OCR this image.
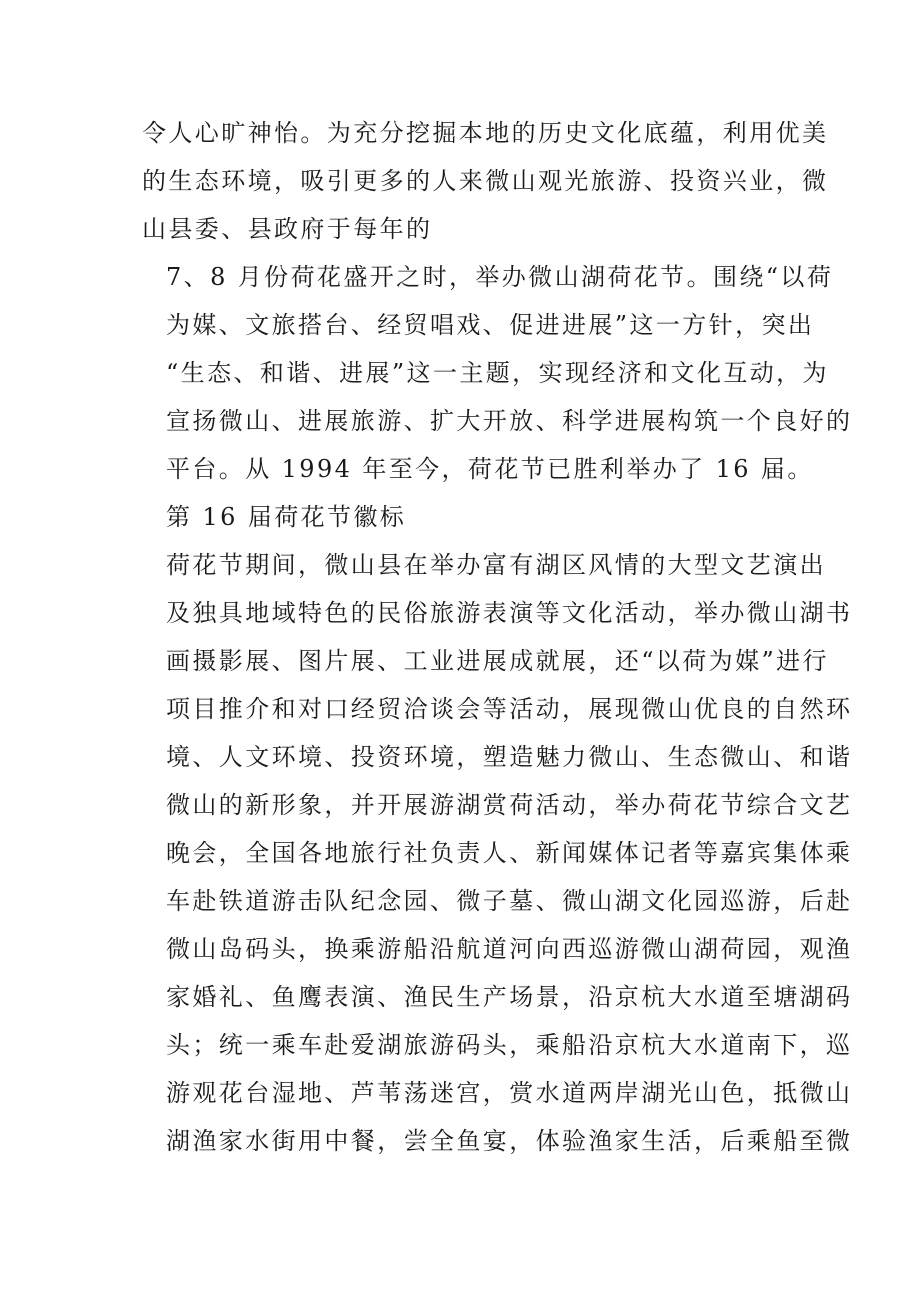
令人心旷神怡。为充分挖掘本地的历史文化底蕴，利用优美
的生态环境，吸引更多的人来微山观光旅游、投资兴业，微
山县委、县政府于每年的

7、8 月份荷花盛开之时，举办微山湖荷花节。围绕“以荷
为媒、文旅搭台、经贸唱戏、促进进展”这一方针，突出
“生态、和谐、进展”这一主题，实现经济和文化互动，为
宣扬微山、进展旅游、扩大开放、科学进展构筑一个良好的
平台。从 1994 年至今，荷花节已胜利举办了 16 届。

第 16 届荷花节徽标

荷花节期间，微山县在举办富有湖区风情的大型文艺演出
及独具地域特色的民俗旅游表演等文化活动，举办微山湖书
画摄影展、图片展、工业进展成就展，还“以荷为媒”进行
项目推介和对口经贸洽谈会等活动，展现微山优良的自然环
境、人文环境、投资环境，塑造魅力微山、生态微山、和谐
微山的新形象，并开展游湖赏荷活动，举办荷花节综合文艺
晚会，全国各地旅行社负责人、新闻媒体记者等嘉宾集体乘
车赴铁道游击队纪念园、微子墓、微山湖文化园巡游，后赴
微山岛码头，换乘游船沿航道河向西巡游微山湖荷园，观渔
家婚礼、鱼鹰表演、渔民生产场景，沿京杭大水道至塘湖码
头；统一乘车赴爱湖旅游码头，乘船沿京杭大水道南下，巡
游观花台湿地、芦苇荡迷宫，赏水道两岸湖光山色，抵微山
湖渔家水街用中餐，尝全鱼宴，体验渔家生活，后乘船至微
